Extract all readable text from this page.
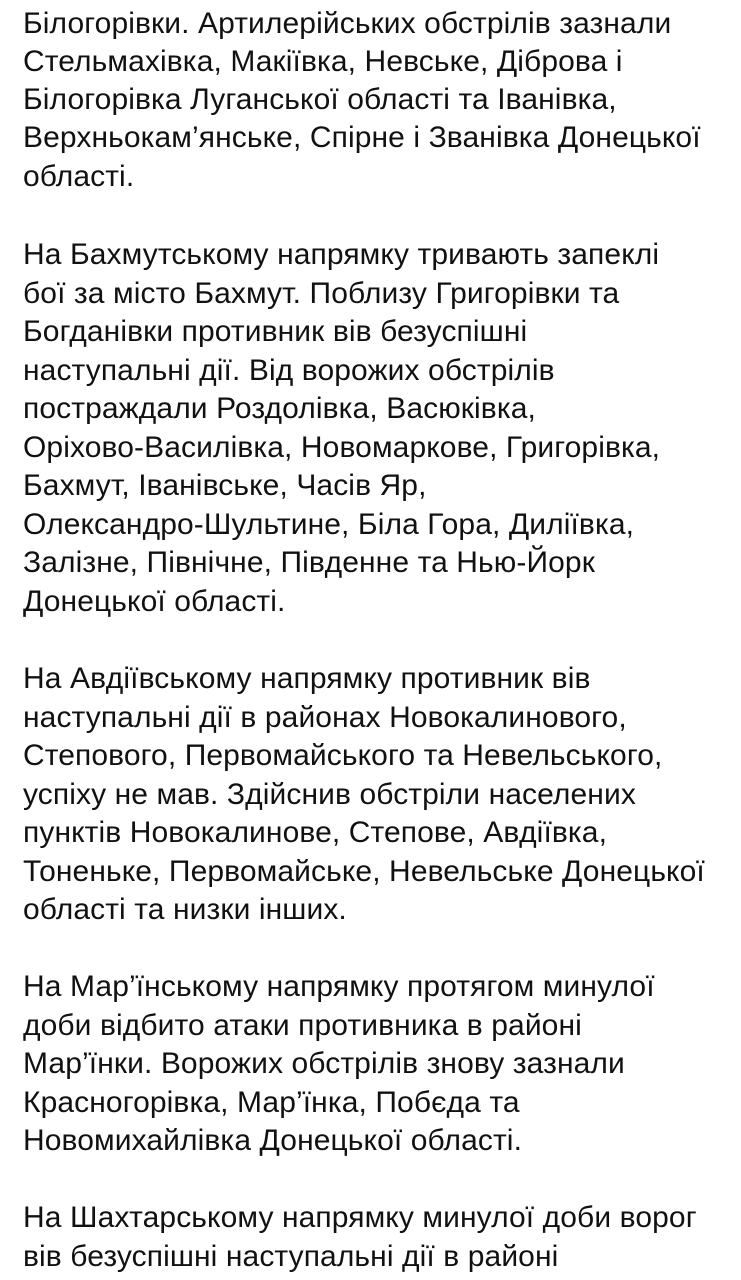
Білогорівки. Артилерійських обстрілів зазнали
Стельмахівка, Макіївка, Невське, Діброва і
Білогорівка Луганської області та Іванівка,
Верхньокам’янське, Спірне і Званівка Донецької
області.
На Бахмутському напрямку тривають запеклі
бої за місто Бахмут. Поблизу Григорівки та
Богданівки противник вів безуспішні
наступальні дії. Від ворожих обстрілів
постраждали Роздолівка, Васюківка,
Оріхово-Василівка, Новомаркове, Григорівка,
Бахмут, Іванівське, Часів Яр,
Олександро-Шультине, Біла Гора, Диліївка,
Залізне, Північне, Південне та Нью-Йорк
Донецької області.
На Авдіївському напрямку противник вів
наступальні дії в районах Новокалинового,
Степового, Первомайського та Невельського,
успіху не мав. Здійснив обстріли населених
пунктів Новокалинове, Степове, Авдіївка,
Тоненьке, Первомайське, Невельське Донецької
області та низки інших.
На Мар’їнському напрямку протягом минулої
доби відбито атаки противника в районі
Мар’їнки. Ворожих обстрілів знову зазнали
Красногорівка, Мар’їнка, Побєда та
Новомихайлівка Донецької області.
На Шахтарському напрямку минулої доби ворог
вів безуспішні наступальні дії в районі
